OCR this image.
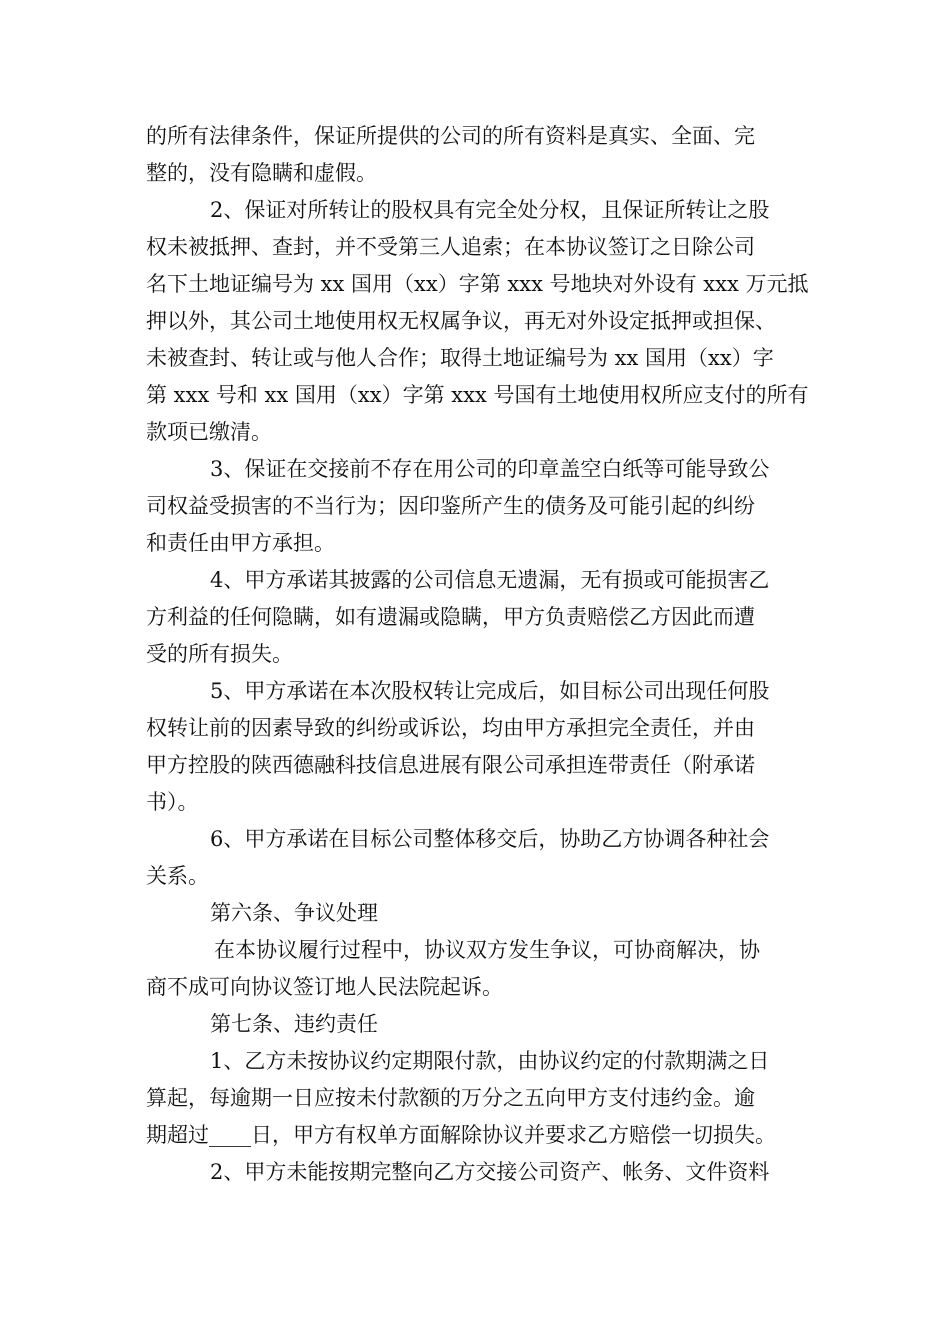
的所有法律条件，保证所提供的公司的所有资料是真实、全面、完
整的，没有隐瞒和虚假。
2、保证对所转让的股权具有完全处分权，且保证所转让之股
权未被抵押、查封，并不受第三人追索；在本协议签订之日除公司
名下土地证编号为 xx 国用（xx）字第 xxx 号地块对外设有 xxx 万元抵
押以外，其公司土地使用权无权属争议，再无对外设定抵押或担保、
未被查封、转让或与他人合作；取得土地证编号为 xx 国用（xx）字
第 xxx 号和 xx 国用（xx）字第 xxx 号国有土地使用权所应支付的所有
款项已缴清。
3、保证在交接前不存在用公司的印章盖空白纸等可能导致公
司权益受损害的不当行为；因印鉴所产生的债务及可能引起的纠纷
和责任由甲方承担。
4、甲方承诺其披露的公司信息无遗漏，无有损或可能损害乙
方利益的任何隐瞒，如有遗漏或隐瞒，甲方负责赔偿乙方因此而遭
受的所有损失。
5、甲方承诺在本次股权转让完成后，如目标公司出现任何股
权转让前的因素导致的纠纷或诉讼，均由甲方承担完全责任，并由
甲方控股的陕西德融科技信息进展有限公司承担连带责任（附承诺
书）。
6、甲方承诺在目标公司整体移交后，协助乙方协调各种社会
关系。
第六条、争议处理
在本协议履行过程中，协议双方发生争议，可协商解决，协
商不成可向协议签订地人民法院起诉。
第七条、违约责任
1、乙方未按协议约定期限付款，由协议约定的付款期满之日
算起，每逾期一日应按未付款额的万分之五向甲方支付违约金。逾
期超过____日，甲方有权单方面解除协议并要求乙方赔偿一切损失。
2、甲方未能按期完整向乙方交接公司资产、帐务、文件资料
